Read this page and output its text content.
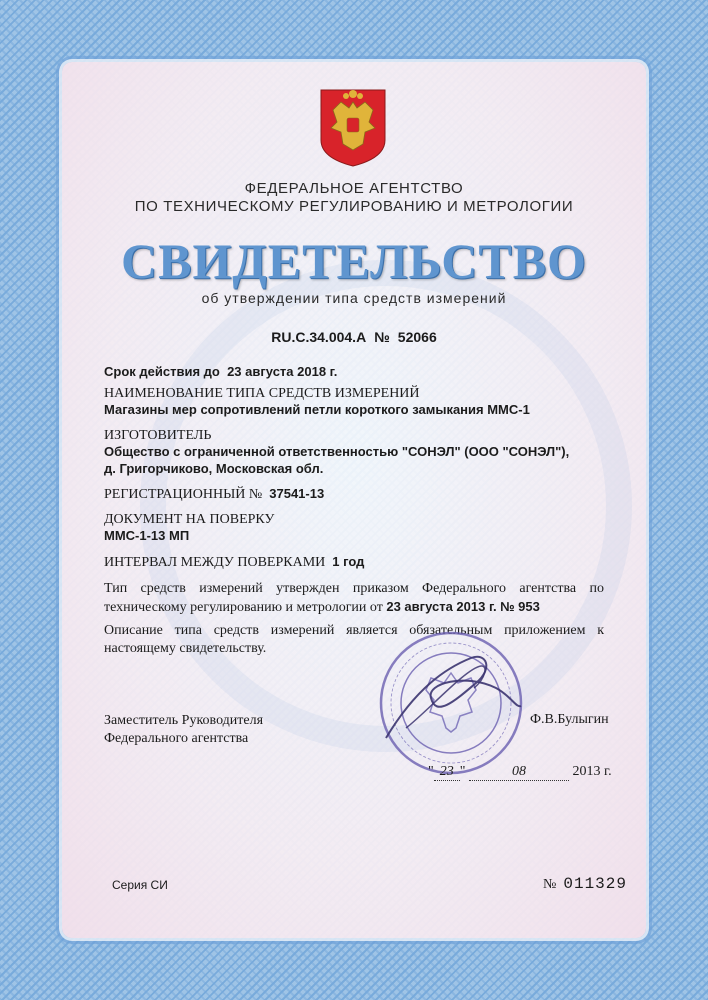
ФЕДЕРАЛЬНОЕ АГЕНТСТВО
ПО ТЕХНИЧЕСКОМУ РЕГУЛИРОВАНИЮ И МЕТРОЛОГИИ
СВИДЕТЕЛЬСТВО
об утверждении типа средств измерений
RU.C.34.004.A № 52066
Срок действия до 23 августа 2018 г.
НАИМЕНОВАНИЕ ТИПА СРЕДСТВ ИЗМЕРЕНИЙ
Магазины мер сопротивлений петли короткого замыкания ММС-1
ИЗГОТОВИТЕЛЬ
Общество с ограниченной ответственностью "СОНЭЛ" (ООО "СОНЭЛ"),
д. Григорчиково, Московская обл.
РЕГИСТРАЦИОННЫЙ № 37541-13
ДОКУМЕНТ НА ПОВЕРКУ
ММС-1-13 МП
ИНТЕРВАЛ МЕЖДУ ПОВЕРКАМИ 1 год
Тип средств измерений утвержден приказом Федерального агентства по техническому регулированию и метрологии от 23 августа 2013 г. № 953
Описание типа средств измерений является обязательным приложением к настоящему свидетельству.
Заместитель Руководителя
Федерального агентства
Ф.В.Булыгин
" 23 "	08	2013 г.
Серия СИ	№ 011329
